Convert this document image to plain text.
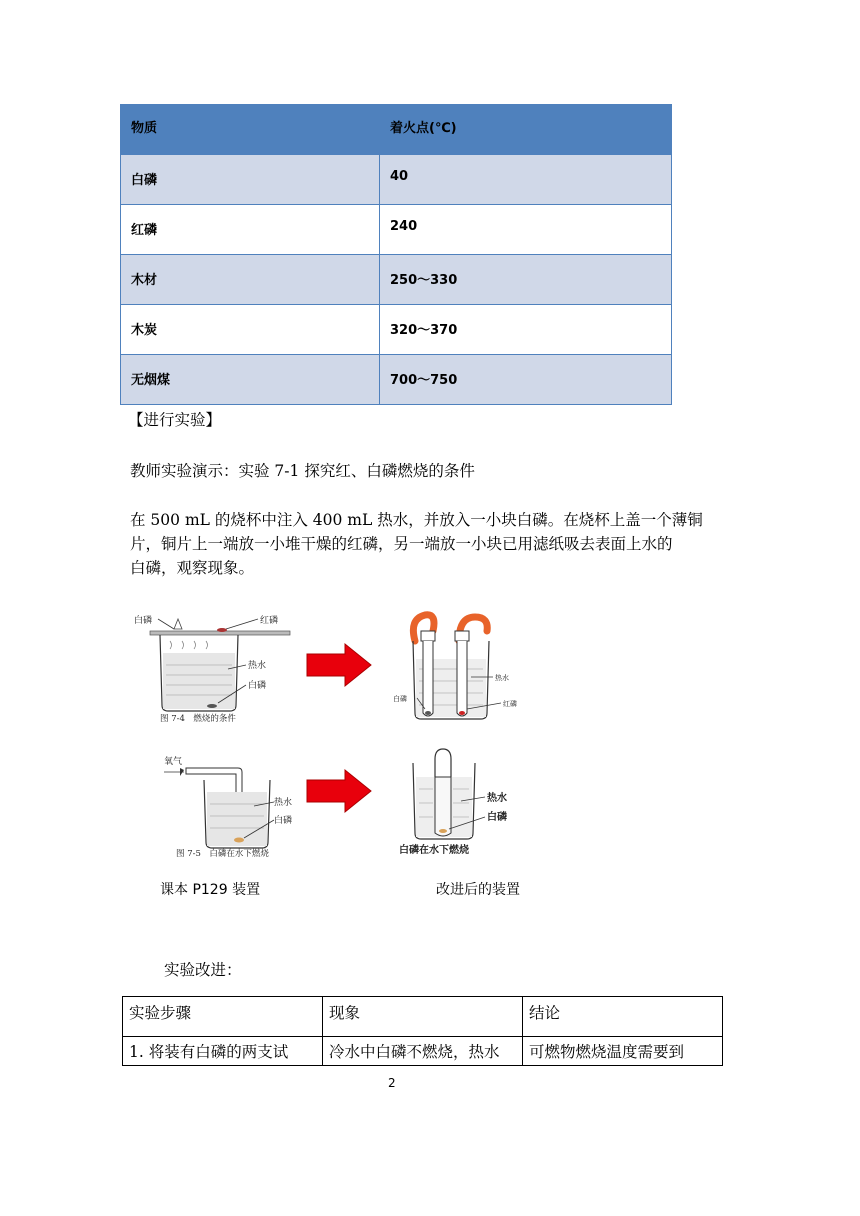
物质	着火点(℃)
白磷	40
红磷	240
木材	250～330
木炭	320～370
无烟煤	700～750
【进行实验】
教师实验演示：实验 7-1 探究红、白磷燃烧的条件
在 500 mL 的烧杯中注入 400 mL 热水，并放入一小块白磷。在烧杯上盖一个薄铜
片，铜片上一端放一小堆干燥的红磷，另一端放一小块已用滤纸吸去表面上水的
白磷，观察现象。
白磷	红磷
热水
白磷
图 7-4　燃烧的条件
白磷
热水
红磷
氧气
热水
白磷
图 7-5　白磷在水下燃烧
热水
白磷
白磷在水下燃烧
课本 P129 装置	改进后的装置
实验改进：
实验步骤	现象	结论
1. 将装有白磷的两支试	冷水中白磷不燃烧，热水	可燃物燃烧温度需要到
2
